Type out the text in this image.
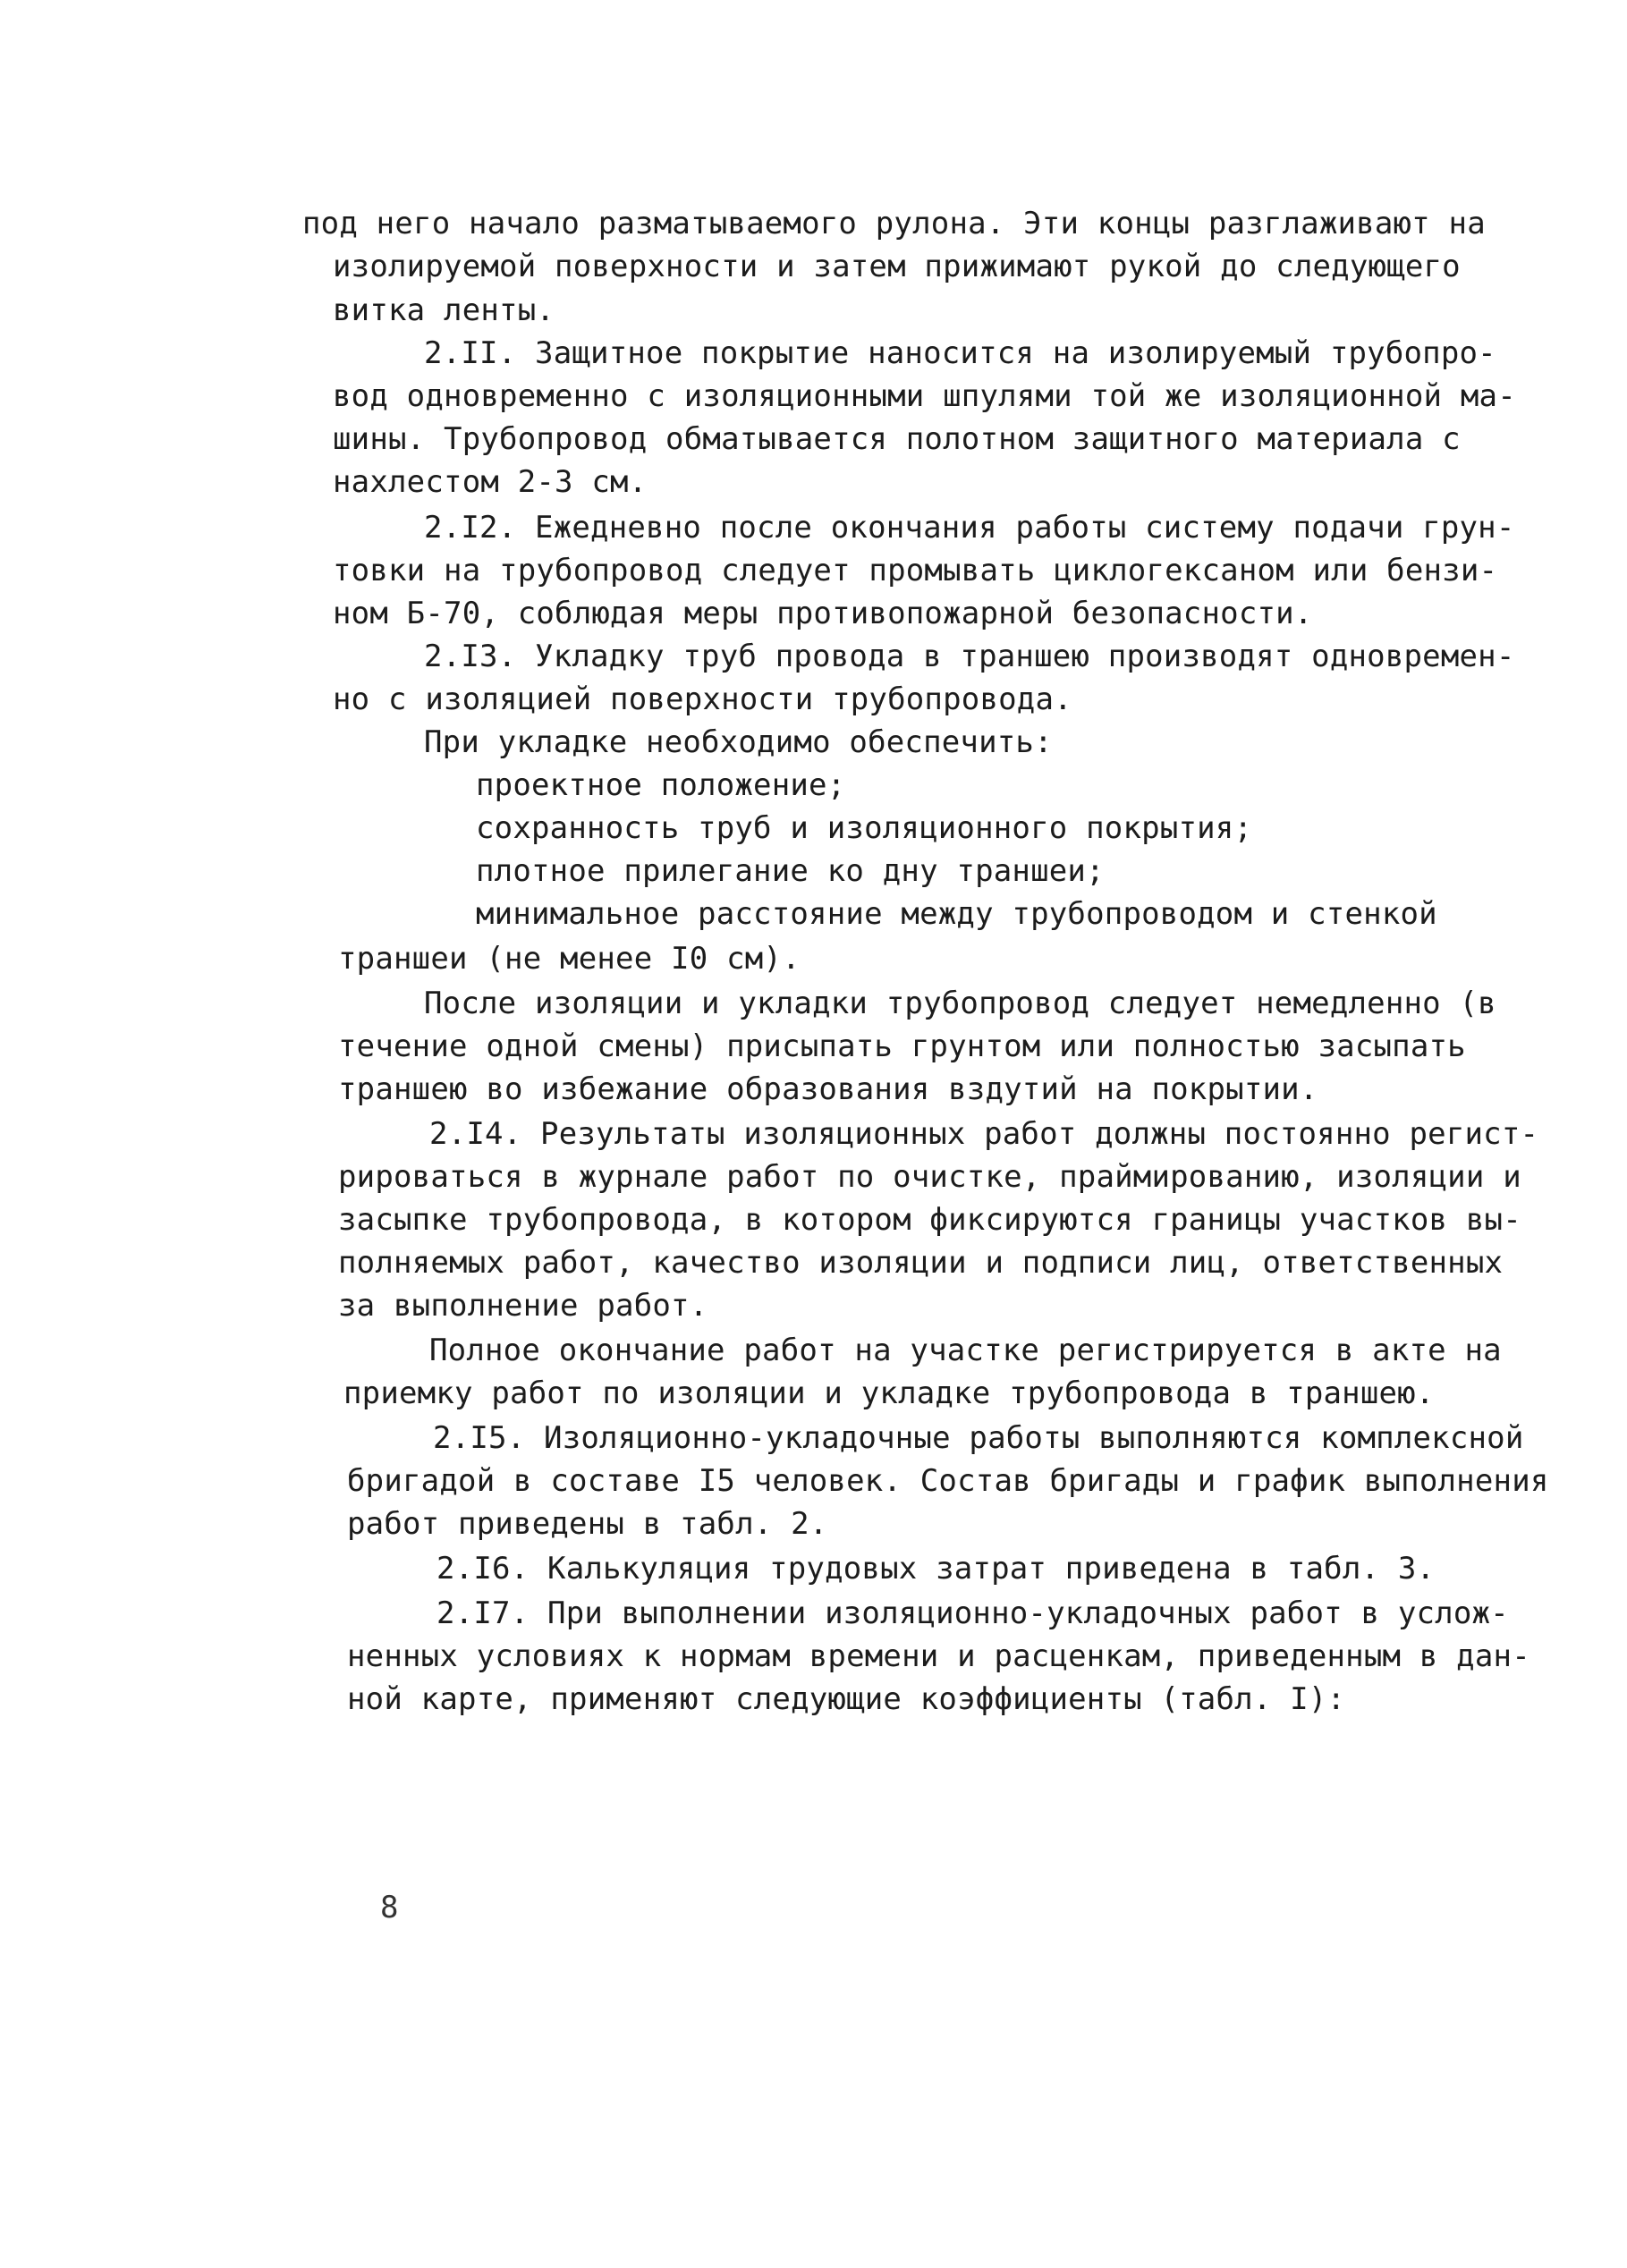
под него начало разматываемого рулона. Эти концы разглаживают на
изолируемой поверхности и затем прижимают рукой до следующего
витка ленты.
2.II. Защитное покрытие наносится на изолируемый трубопро-
вод одновременно с изоляционными шпулями той же изоляционной ма-
шины. Трубопровод обматывается полотном защитного материала с
нахлестом 2-3 см.
2.I2. Ежедневно после окончания работы систему подачи грун-
товки на трубопровод следует промывать циклогексаном или бензи-
ном Б-70, соблюдая меры противопожарной безопасности.
2.I3. Укладку труб провода в траншею производят одновремен-
но с изоляцией поверхности трубопровода.
При укладке необходимо обеспечить:
проектное положение;
сохранность труб и изоляционного покрытия;
плотное прилегание ко дну траншеи;
минимальное расстояние между трубопроводом и стенкой
траншеи (не менее I0 см).
После изоляции и укладки трубопровод следует немедленно (в
течение одной смены) присыпать грунтом или полностью засыпать
траншею во избежание образования вздутий на покрытии.
2.I4. Результаты изоляционных работ должны постоянно регист-
рироваться в журнале работ по очистке, праймированию, изоляции и
засыпке трубопровода, в котором фиксируются границы участков вы-
полняемых работ, качество изоляции и подписи лиц, ответственных
за выполнение работ.
Полное окончание работ на участке регистрируется в акте на
приемку работ по изоляции и укладке трубопровода в траншею.
2.I5. Изоляционно-укладочные работы выполняются комплексной
бригадой в составе I5 человек. Состав бригады и график выполнения
работ приведены в табл. 2.
2.I6. Калькуляция трудовых затрат приведена в табл. 3.
2.I7. При выполнении изоляционно-укладочных работ в услож-
ненных условиях к нормам времени и расценкам, приведенным в дан-
ной карте, применяют следующие коэффициенты (табл. I):
8
